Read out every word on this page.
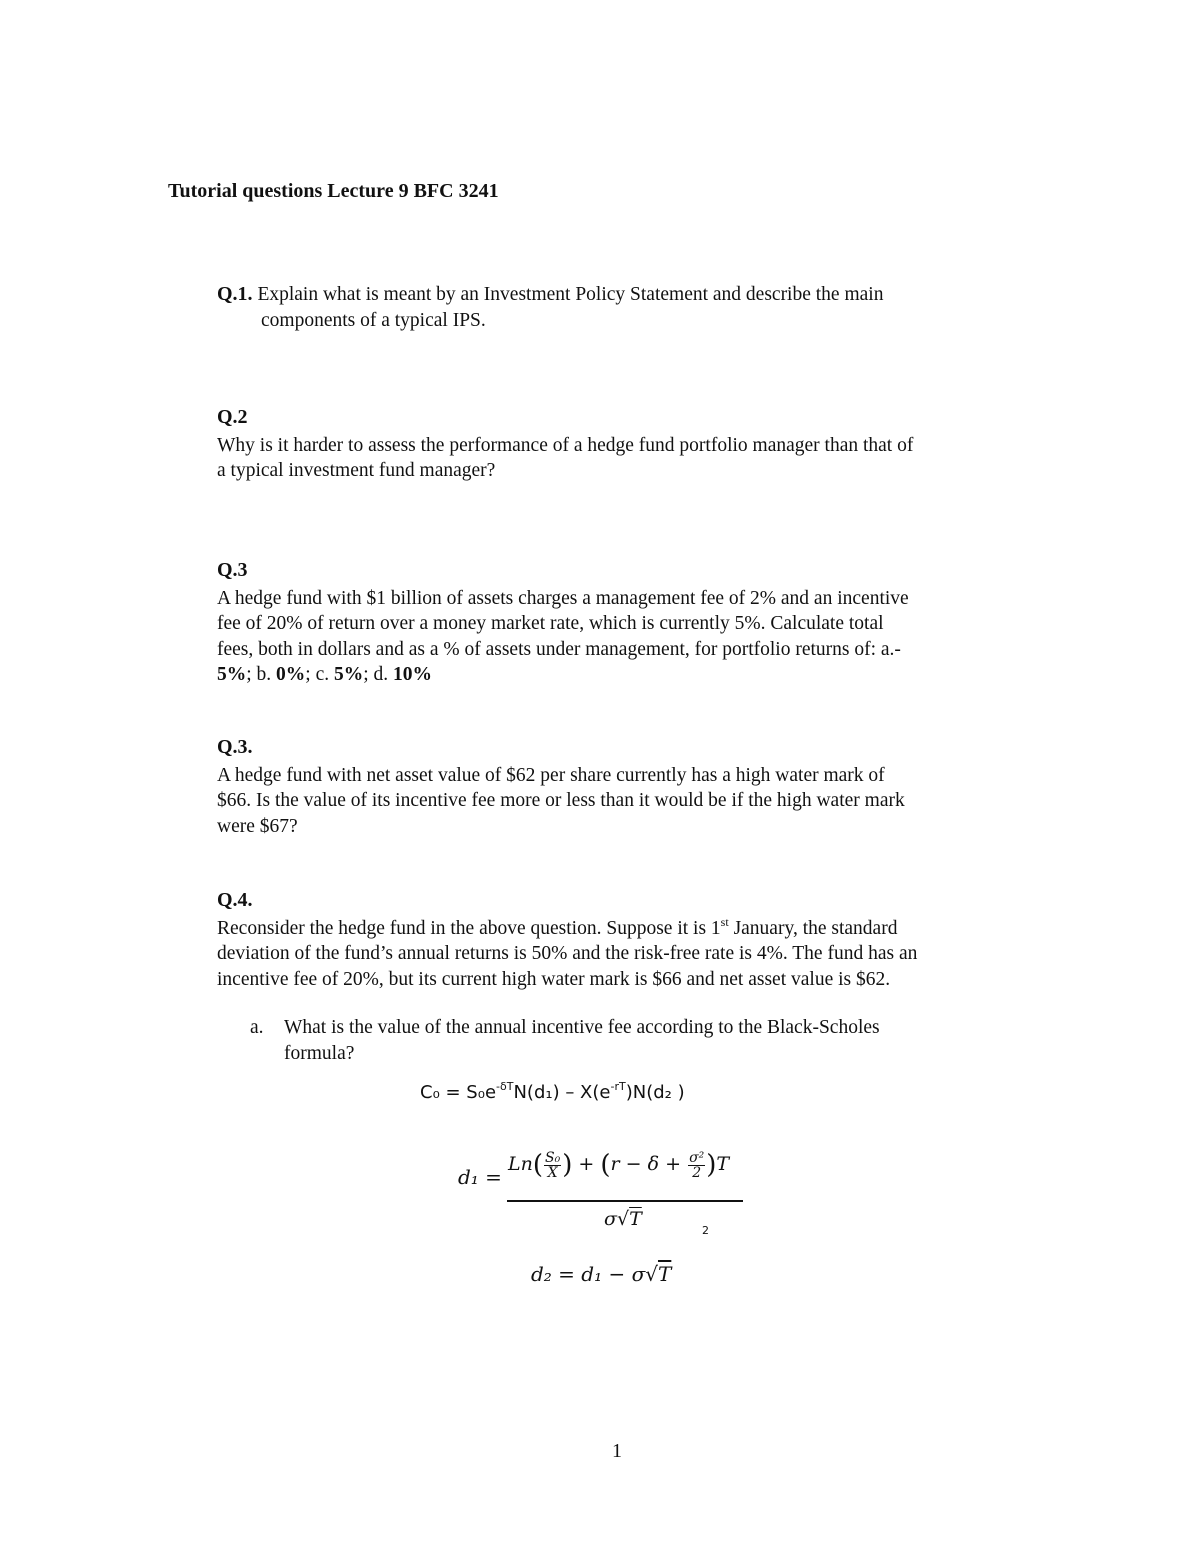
Tutorial questions Lecture 9 BFC 3241
Q.1. Explain what is meant by an Investment Policy Statement and describe the main
components of a typical IPS.
Q.2
Why is it harder to assess the performance of a hedge fund portfolio manager than that of
a typical investment fund manager?
Q.3
A hedge fund with $1 billion of assets charges a management fee of 2% and an incentive
fee of 20% of return over a money market rate, which is currently 5%. Calculate total
fees, both in dollars and as a % of assets under management, for portfolio returns of: a.-
5%; b. 0%; c. 5%; d. 10%
Q.3.
A hedge fund with net asset value of $62 per share currently has a high water mark of
$66. Is the value of its incentive fee more or less than it would be if the high water mark
were $67?
Q.4.
Reconsider the hedge fund in the above question. Suppose it is 1st January, the standard
deviation of the fund’s annual returns is 50% and the risk-free rate is 4%. The fund has an
incentive fee of 20%, but its current high water mark is $66 and net asset value is $62.
a. What is the value of the annual incentive fee according to the Black-Scholes
formula?
$C_0 = S_0e^{-\delta T}N(d_1) - X(e^{-rT})N(d_2$ )
d₁ =
$Ln( \frac{\text{S₀}}{X}$ ) + $(r - \delta + \frac{\text{σ²}}{2} )T$
σ√T
2
d₂ = d₁ − σ√T
1
